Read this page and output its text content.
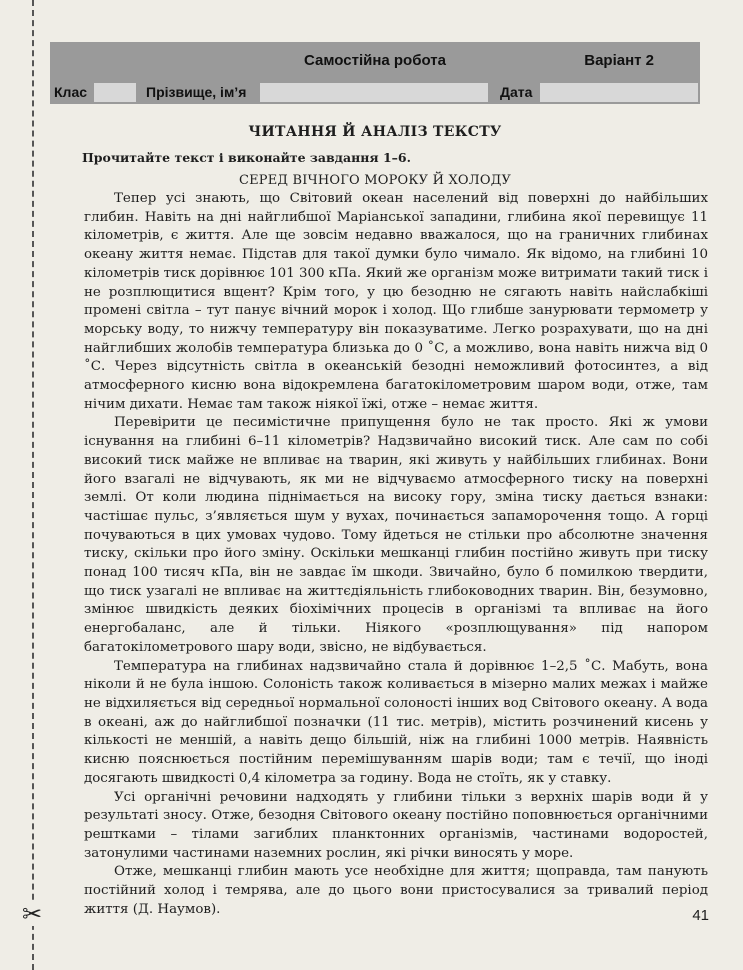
✂
Самостійна робота	Варіант 2
Клас	Прізвище, ім’я	Дата
ЧИТАННЯ Й АНАЛІЗ ТЕКСТУ
Прочитайте текст і виконайте завдання 1–6.
СЕРЕД ВІЧНОГО МОРОКУ Й ХОЛОДУ

Тепер усі знають, що Світовий океан населений від поверхні до найбільших глибин. Навіть на дні найглибшої Маріанської западини, глибина якої перевищує 11 кілометрів, є життя. Але ще зовсім недавно вважалося, що на граничних глибинах океану життя немає. Підстав для такої думки було чимало. Як відомо, на глибині 10 кілометрів тиск дорівнює 101 300 кПа. Який же організм може витримати такий тиск і не розплющитися вщент? Крім того, у цю безодню не сягають навіть найслабкіші промені світла – тут панує вічний морок і холод. Що глибше занурювати термометр у морську воду, то нижчу температуру він показуватиме. Легко розрахувати, що на дні найглибших жолобів температура близька до 0 ˚С, а можливо, вона навіть нижча від 0 ˚С. Через відсутність світла в океанській безодні неможливий фотосинтез, а від атмосферного кисню вона відокремлена багатокілометровим шаром води, отже, там нічим дихати. Немає там також ніякої їжі, отже – немає життя.

Перевірити це песимістичне припущення було не так просто. Які ж умови існування на глибині 6–11 кілометрів? Надзвичайно високий тиск. Але сам по собі високий тиск майже не впливає на тварин, які живуть у найбільших глибинах. Вони його взагалі не відчувають, як ми не відчуваємо атмосферного тиску на поверхні землі. От коли людина піднімається на високу гору, зміна тиску дається взнаки: частішає пульс, з’являється шум у вухах, починається запаморочення тощо. А горці почуваються в цих умовах чудово. Тому йдеться не стільки про абсолютне значення тиску, скільки про його зміну. Оскільки мешканці глибин постійно живуть при тиску понад 100 тисяч кПа, він не завдає їм шкоди. Звичайно, було б помилкою твердити, що тиск узагалі не впливає на життєдіяльність глибоководних тварин. Він, безумовно, змінює швидкість деяких біохімічних процесів в організмі та впливає на його енергобаланс, але й тільки. Ніякого «розплющування» під напором багатокілометрового шару води, звісно, не відбувається.

Температура на глибинах надзвичайно стала й дорівнює 1–2,5 ˚С. Мабуть, вона ніколи й не була іншою. Солоність також коливається в мізерно малих межах і майже не відхиляється від середньої нормальної солоності інших вод Світового океану. А вода в океані, аж до найглибшої позначки (11 тис. метрів), містить розчинений кисень у кількості не меншій, а навіть дещо більшій, ніж на глибині 1000 метрів. Наявність кисню пояснюється постійним перемішуванням шарів води; там є течії, що іноді досягають швидкості 0,4 кілометра за годину. Вода не стоїть, як у ставку.

Усі органічні речовини надходять у глибини тільки з верхніх шарів води й у результаті зносу. Отже, безодня Світового океану постійно поповнюється органічними рештками – тілами загиблих планктонних організмів, частинами водоростей, затонулими частинами наземних рослин, які річки виносять у море.

Отже, мешканці глибин мають усе необхідне для життя; щоправда, там панують постійний холод і темрява, але до цього вони пристосувалися за тривалий період життя (Д. Наумов).	41
